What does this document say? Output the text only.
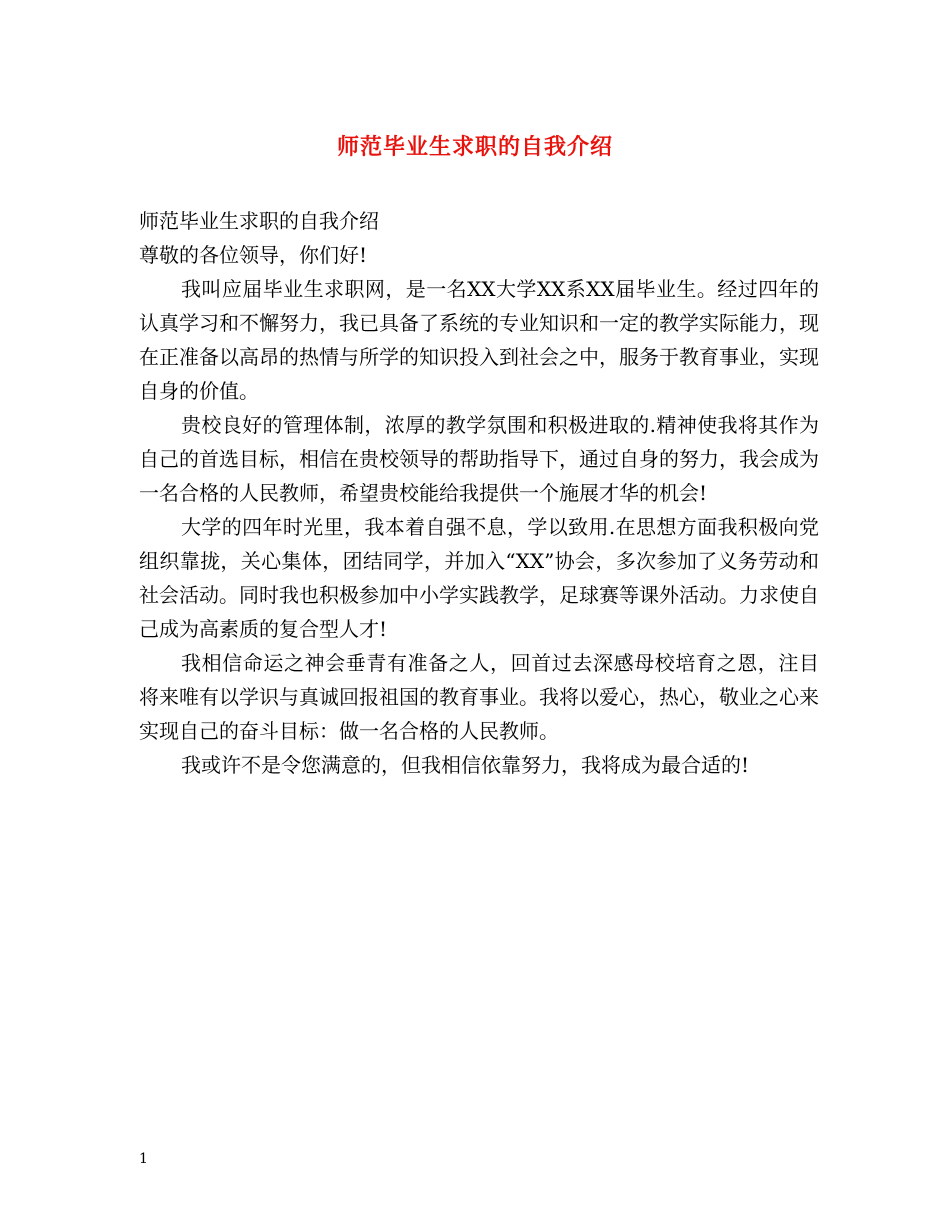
师范毕业生求职的自我介绍

师范毕业生求职的自我介绍

尊敬的各位领导，你们好!

我叫应届毕业生求职网，是一名XX大学XX系XX届毕业生。经过四年的认真学习和不懈努力，我已具备了系统的专业知识和一定的教学实际能力，现在正准备以高昂的热情与所学的知识投入到社会之中，服务于教育事业，实现自身的价值。

贵校良好的管理体制，浓厚的教学氛围和积极进取的.精神使我将其作为自己的首选目标，相信在贵校领导的帮助指导下，通过自身的努力，我会成为一名合格的人民教师，希望贵校能给我提供一个施展才华的机会!

大学的四年时光里，我本着自强不息，学以致用.在思想方面我积极向党组织靠拢，关心集体，团结同学，并加入“XX”协会，多次参加了义务劳动和社会活动。同时我也积极参加中小学实践教学，足球赛等课外活动。力求使自己成为高素质的复合型人才!

我相信命运之神会垂青有准备之人，回首过去深感母校培育之恩，注目将来唯有以学识与真诚回报祖国的教育事业。我将以爱心，热心，敬业之心来实现自己的奋斗目标：做一名合格的人民教师。

我或许不是令您满意的，但我相信依靠努力，我将成为最合适的!

1
